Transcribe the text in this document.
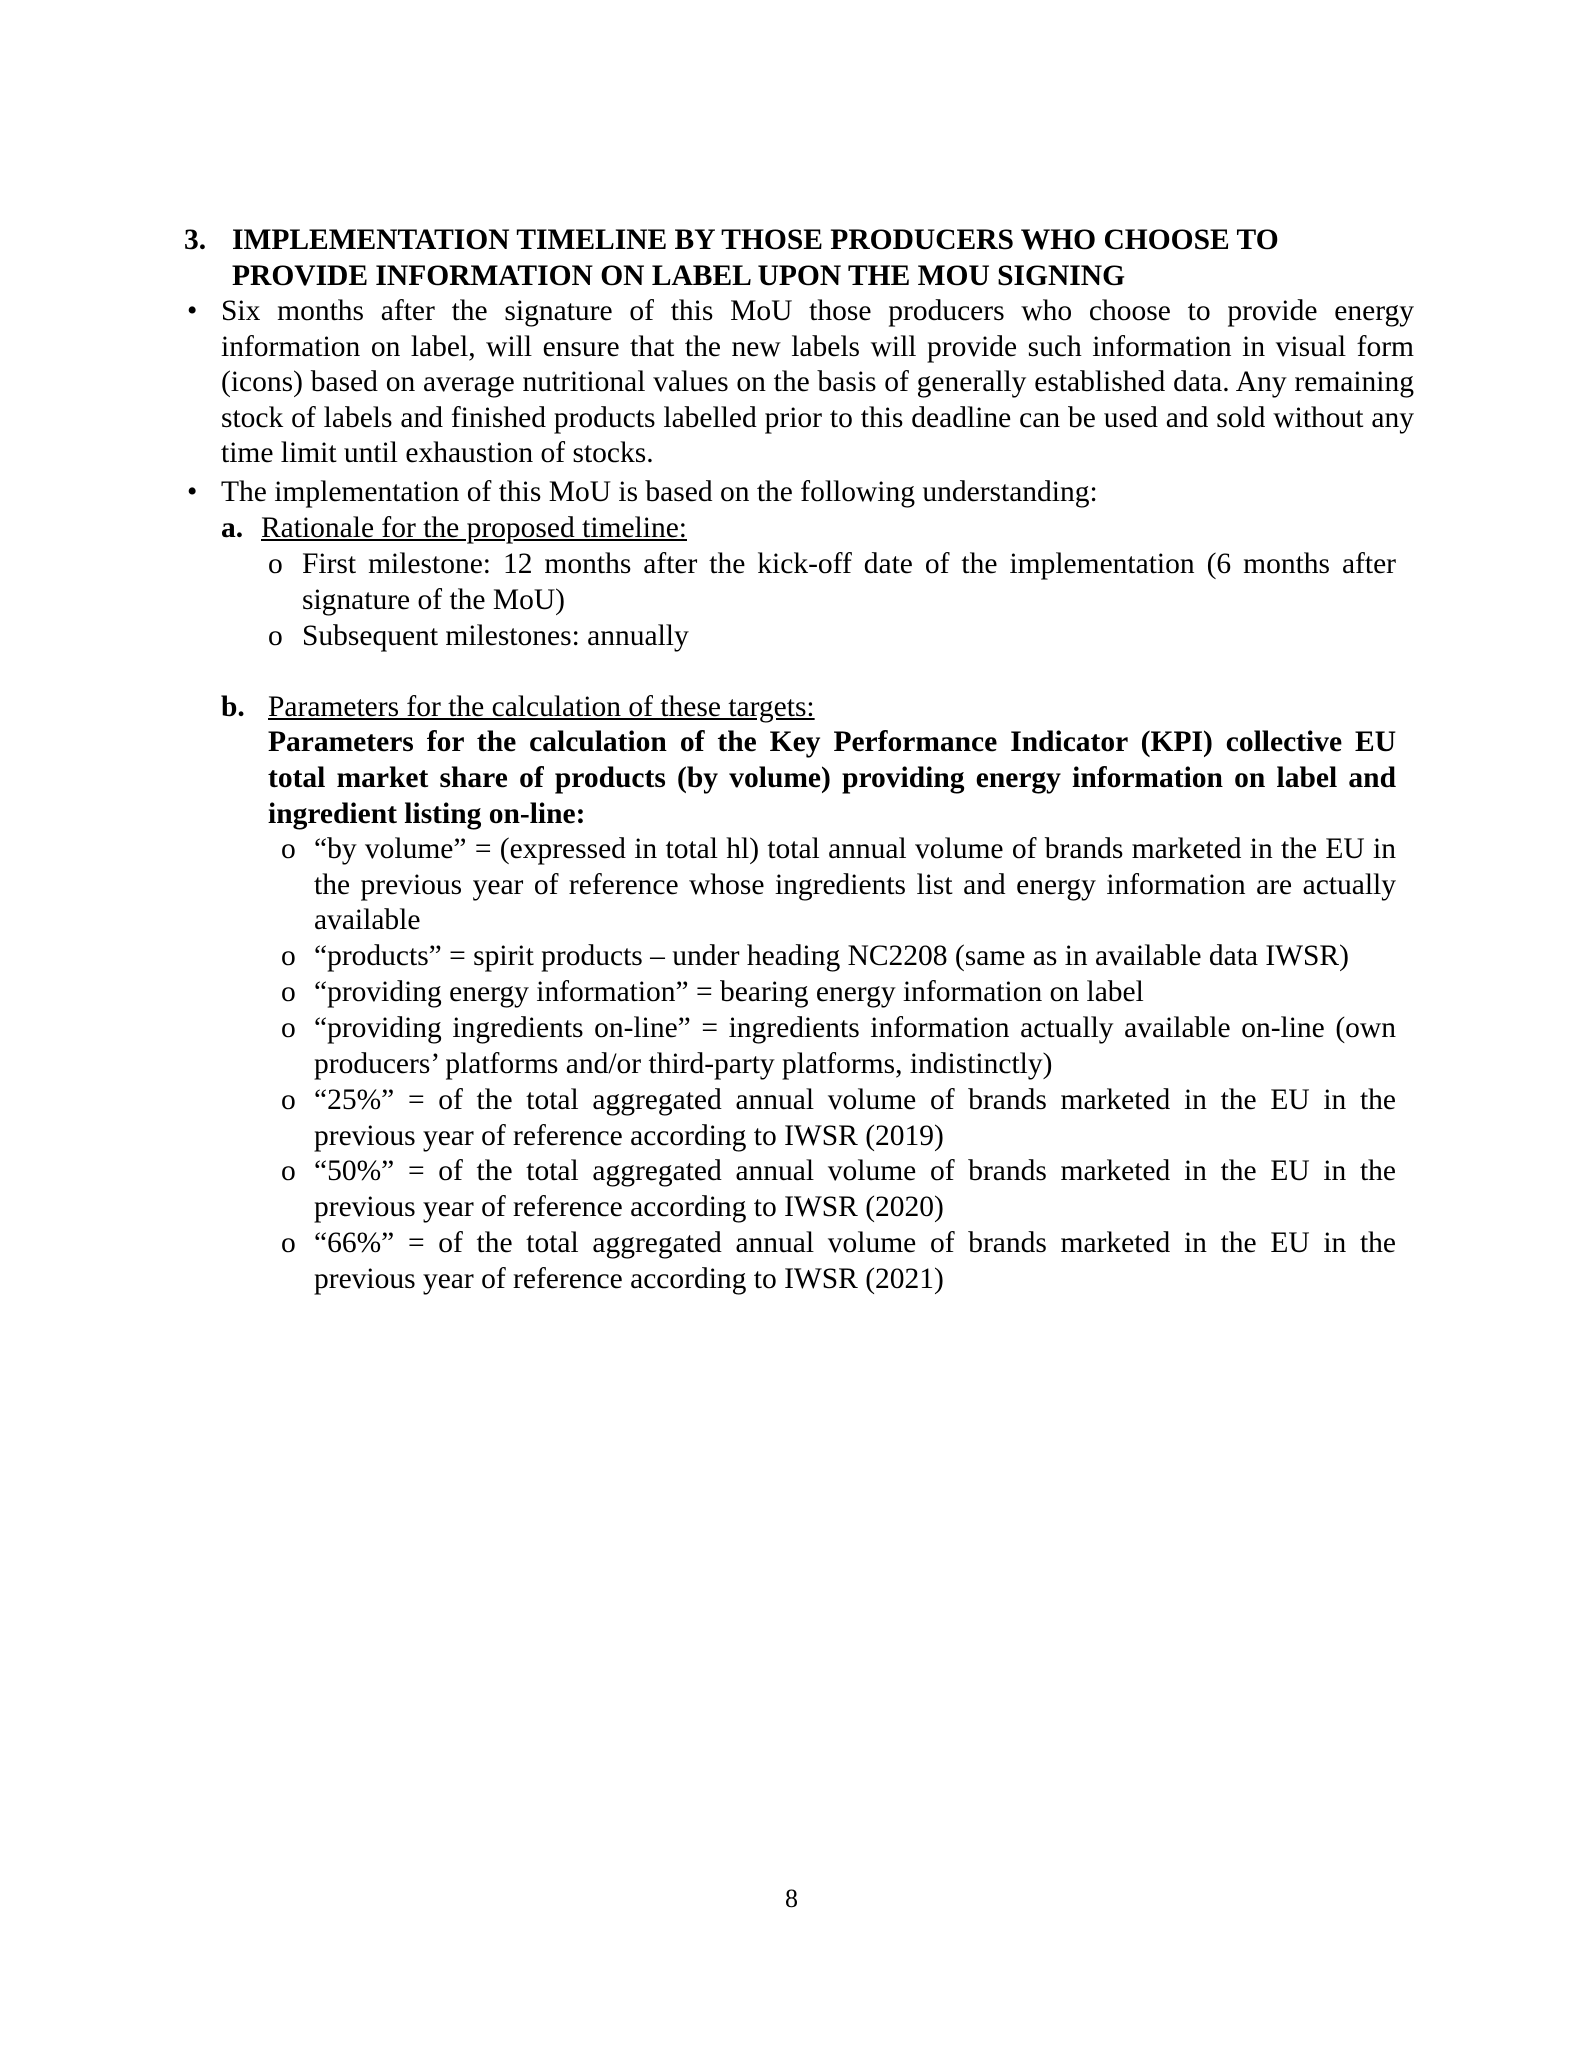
3. IMPLEMENTATION TIMELINE BY THOSE PRODUCERS WHO CHOOSE TO PROVIDE INFORMATION ON LABEL UPON THE MOU SIGNING
• Six months after the signature of this MoU those producers who choose to provide energy information on label, will ensure that the new labels will provide such information in visual form (icons) based on average nutritional values on the basis of generally established data. Any remaining stock of labels and finished products labelled prior to this deadline can be used and sold without any time limit until exhaustion of stocks.
• The implementation of this MoU is based on the following understanding:
a. Rationale for the proposed timeline:
o First milestone: 12 months after the kick-off date of the implementation (6 months after signature of the MoU)
o Subsequent milestones: annually
b. Parameters for the calculation of these targets:
Parameters for the calculation of the Key Performance Indicator (KPI) collective EU total market share of products (by volume) providing energy information on label and ingredient listing on-line:
o “by volume” = (expressed in total hl) total annual volume of brands marketed in the EU in the previous year of reference whose ingredients list and energy information are actually available
o “products” = spirit products – under heading NC2208 (same as in available data IWSR)
o “providing energy information” = bearing energy information on label
o “providing ingredients on-line” = ingredients information actually available on-line (own producers’ platforms and/or third-party platforms, indistinctly)
o “25%” = of the total aggregated annual volume of brands marketed in the EU in the previous year of reference according to IWSR (2019)
o “50%” = of the total aggregated annual volume of brands marketed in the EU in the previous year of reference according to IWSR (2020)
o “66%” = of the total aggregated annual volume of brands marketed in the EU in the previous year of reference according to IWSR (2021)
8
